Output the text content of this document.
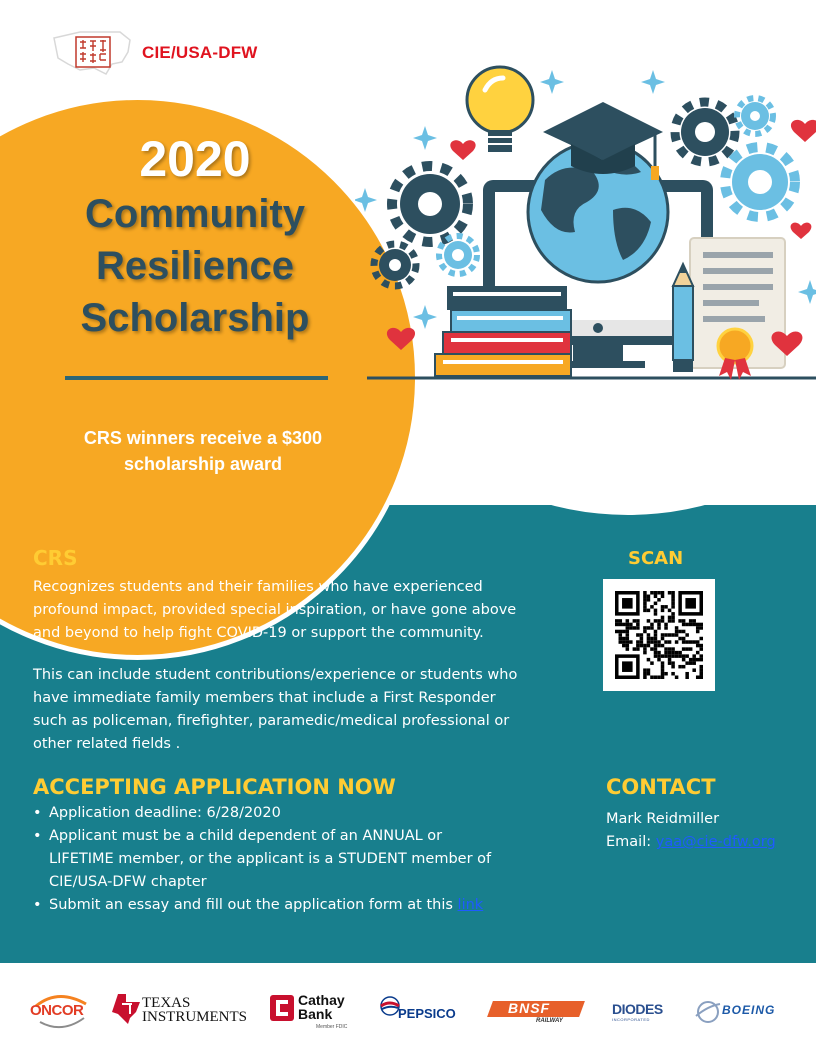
CIE/USA-DFW
2020
Community
Resilience
Scholarship
CRS winners receive a $300
scholarship award
CRS
Recognizes students and their families who have experienced
profound impact, provided special inspiration, or have gone above
and beyond to help fight COVID-19 or support the community.
This can include student contributions/experience or students who
have immediate family members that include a First Responder
such as policeman, firefighter, paramedic/medical professional or
other related fields .
SCAN
ACCEPTING APPLICATION NOW
• Application deadline: 6/28/2020
• Applicant must be a child dependent of an ANNUAL or
LIFETIME member, or the applicant is a STUDENT member of
CIE/USA-DFW chapter
• Submit an essay and fill out the application form at this link
CONTACT
Mark Reidmiller
Email: yaa@cie-dfw.org
ONCOR	TEXAS
INSTRUMENTS
Cathay
Bank
Member FDIC
PEPSICO	BNSF
RAILWAY
DIODES
INCORPORATED
BOEING
